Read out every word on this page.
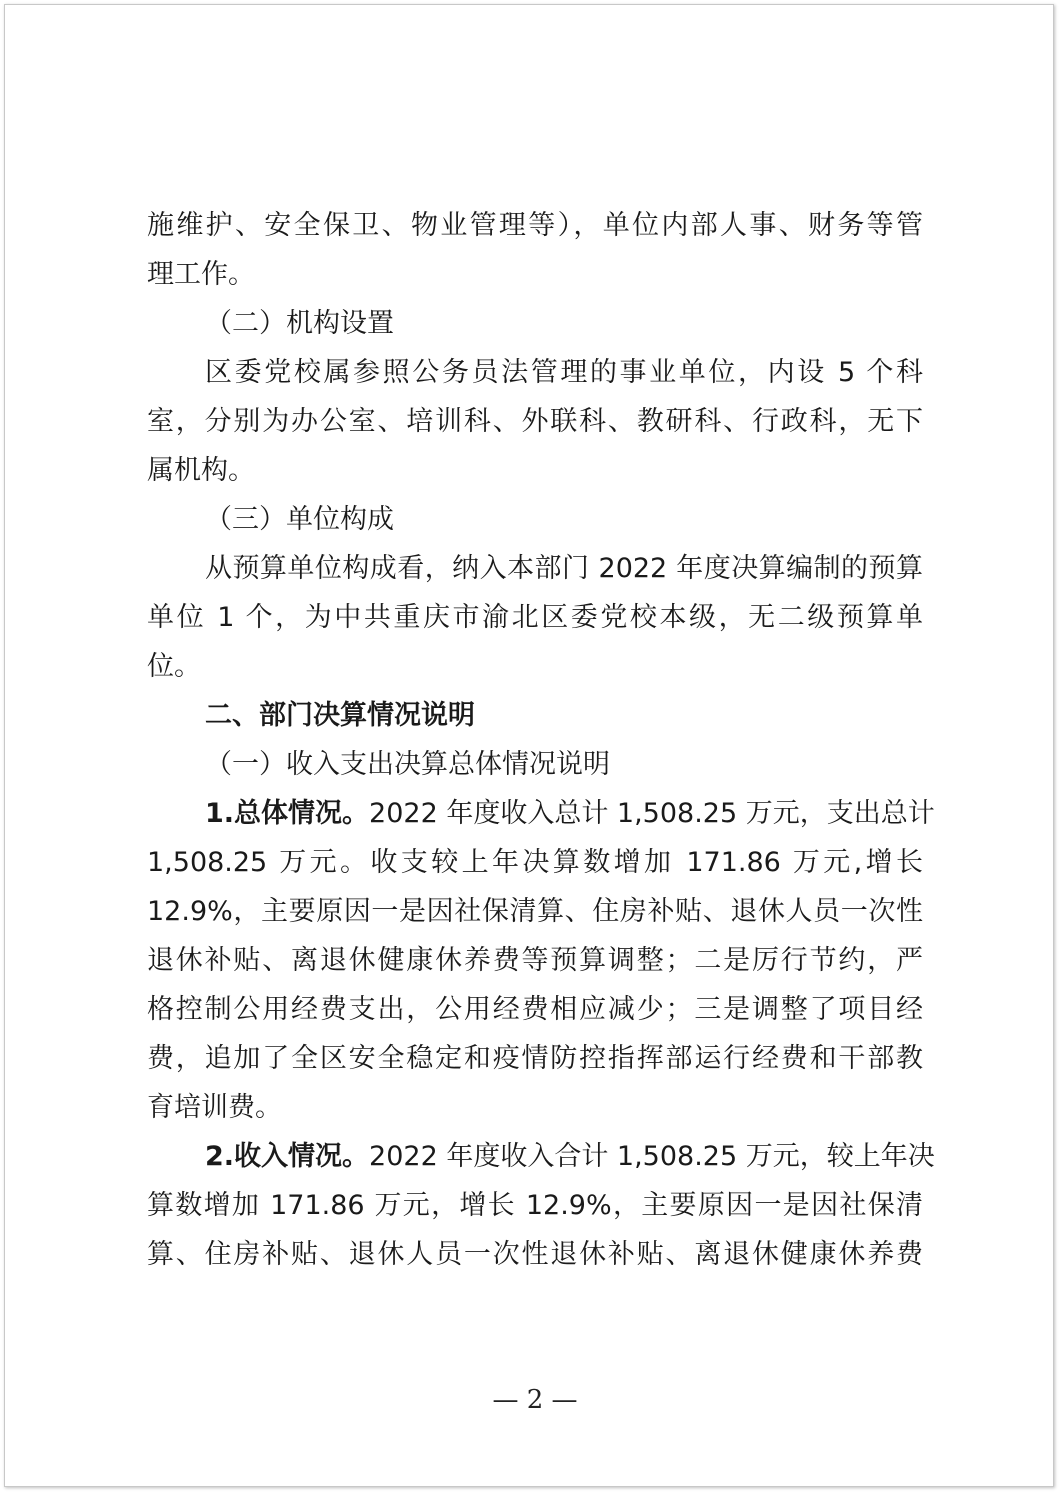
施维护、安全保卫、物业管理等），单位内部人事、财务等管
理工作。
（二）机构设置
区委党校属参照公务员法管理的事业单位，内设 5 个科
室，分别为办公室、培训科、外联科、教研科、行政科，无下
属机构。
（三）单位构成
从预算单位构成看，纳入本部门 2022 年度决算编制的预算
单位 1 个，为中共重庆市渝北区委党校本级，无二级预算单
位。
二、部门决算情况说明
（一）收入支出决算总体情况说明
1.总体情况。2022 年度收入总计 1,508.25 万元，支出总计
1,508.25 万元。收支较上年决算数增加 171.86 万元,增长
12.9%，主要原因一是因社保清算、住房补贴、退休人员一次性
退休补贴、离退休健康休养费等预算调整；二是厉行节约，严
格控制公用经费支出，公用经费相应减少；三是调整了项目经
费，追加了全区安全稳定和疫情防控指挥部运行经费和干部教
育培训费。
2.收入情况。2022 年度收入合计 1,508.25 万元，较上年决
算数增加 171.86 万元，增长 12.9%，主要原因一是因社保清
算、住房补贴、退休人员一次性退休补贴、离退休健康休养费
— 2 —
